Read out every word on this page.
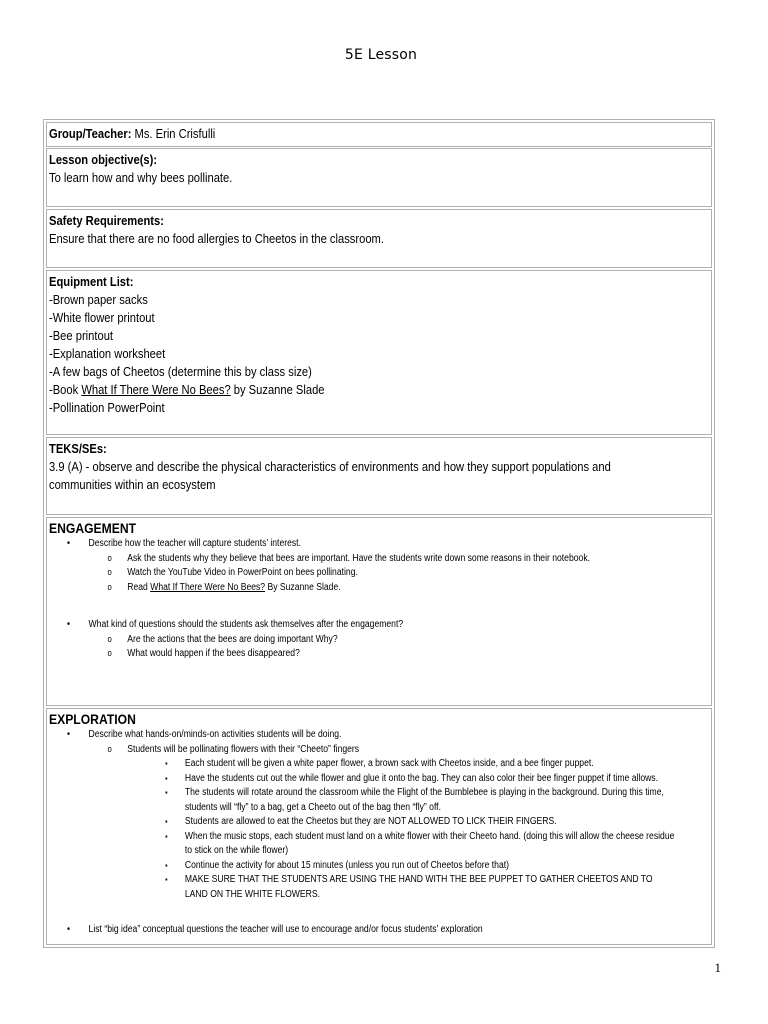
5E Lesson
Group/Teacher: Ms. Erin Crisfulli
Lesson objective(s):
To learn how and why bees pollinate.
Safety Requirements:
Ensure that there are no food allergies to Cheetos in the classroom.
Equipment List:
-Brown paper sacks
-White flower printout
-Bee printout
-Explanation worksheet
-A few bags of Cheetos (determine this by class size)
-Book What If There Were No Bees? by Suzanne Slade
-Pollination PowerPoint
TEKS/SEs:
3.9 (A) - observe and describe the physical characteristics of environments and how they support populations and
communities within an ecosystem
ENGAGEMENT
• Describe how the teacher will capture students’ interest.
o Ask the students why they believe that bees are important. Have the students write down some reasons in their notebook.
o Watch the YouTube Video in PowerPoint on bees pollinating.
o Read What If There Were No Bees? By Suzanne Slade.
• What kind of questions should the students ask themselves after the engagement?
o Are the actions that the bees are doing important Why?
o What would happen if the bees disappeared?
EXPLORATION
• Describe what hands-on/minds-on activities students will be doing.
o Students will be pollinating flowers with their “Cheeto” fingers
▪ Each student will be given a white paper flower, a brown sack with Cheetos inside, and a bee finger puppet.
▪ Have the students cut out the while flower and glue it onto the bag. They can also color their bee finger puppet if time allows.
▪ The students will rotate around the classroom while the Flight of the Bumblebee is playing in the background. During this time,
students will “fly” to a bag, get a Cheeto out of the bag then “fly” off.
▪ Students are allowed to eat the Cheetos but they are NOT ALLOWED TO LICK THEIR FINGERS.
▪ When the music stops, each student must land on a white flower with their Cheeto hand. (doing this will allow the cheese residue
to stick on the while flower)
▪ Continue the activity for about 15 minutes (unless you run out of Cheetos before that)
▪ MAKE SURE THAT THE STUDENTS ARE USING THE HAND WITH THE BEE PUPPET TO GATHER CHEETOS AND TO
LAND ON THE WHITE FLOWERS.
• List “big idea” conceptual questions the teacher will use to encourage and/or focus students’ exploration
1
